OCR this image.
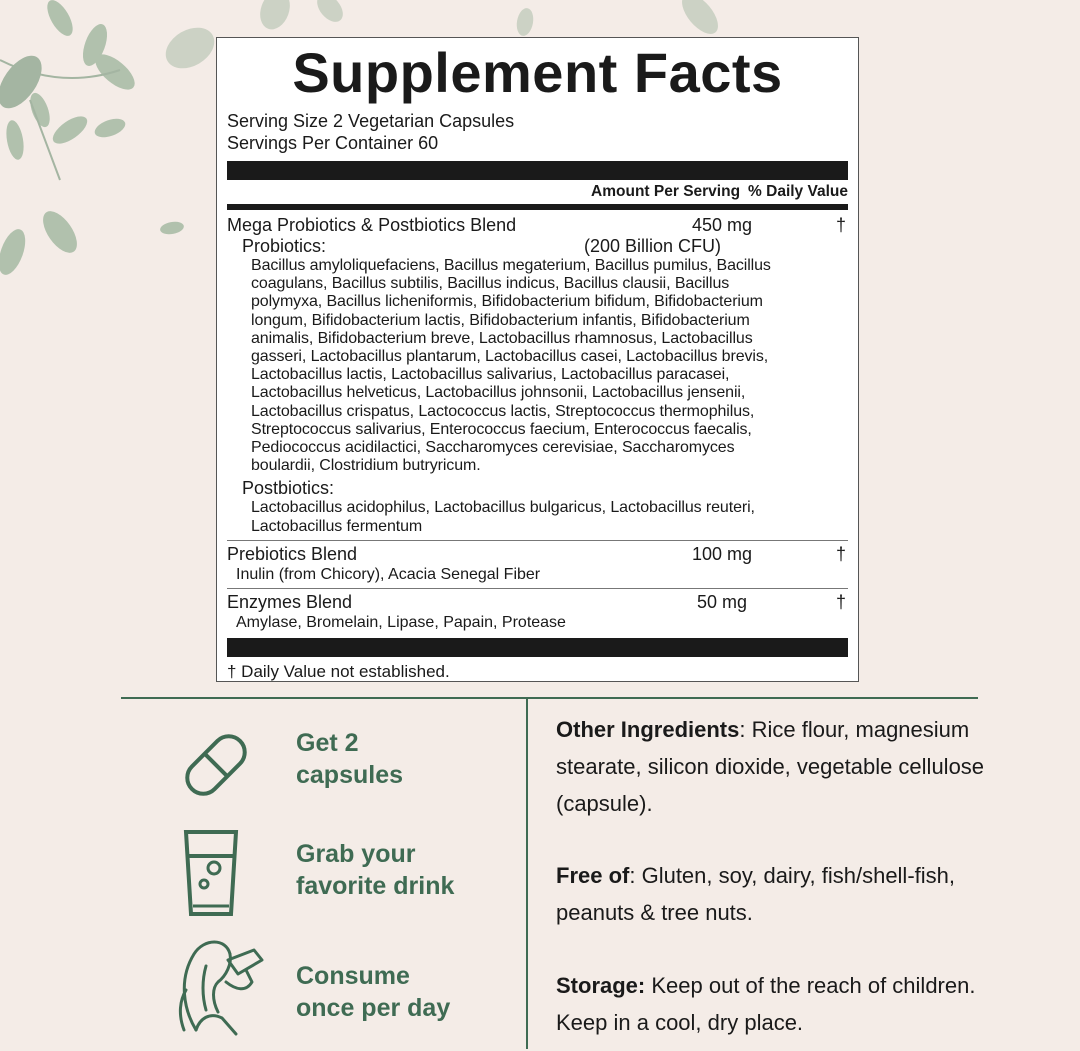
Supplement Facts
Serving Size 2 Vegetarian Capsules
Servings Per Container 60
Amount Per Serving % Daily Value
Mega Probiotics & Postbiotics Blend	450 mg	†
Probiotics:	(200 Billion CFU)
Bacillus amyloliquefaciens, Bacillus megaterium, Bacillus pumilus, Bacillus
coagulans, Bacillus subtilis, Bacillus indicus, Bacillus clausii, Bacillus
polymyxa, Bacillus licheniformis, Bifidobacterium bifidum, Bifidobacterium
longum, Bifidobacterium lactis, Bifidobacterium infantis, Bifidobacterium
animalis, Bifidobacterium breve, Lactobacillus rhamnosus, Lactobacillus
gasseri, Lactobacillus plantarum, Lactobacillus casei, Lactobacillus brevis,
Lactobacillus lactis, Lactobacillus salivarius, Lactobacillus paracasei,
Lactobacillus helveticus, Lactobacillus johnsonii, Lactobacillus jensenii,
Lactobacillus crispatus, Lactococcus lactis, Streptococcus thermophilus,
Streptococcus salivarius, Enterococcus faecium, Enterococcus faecalis,
Pediococcus acidilactici, Saccharomyces cerevisiae, Saccharomyces
boulardii, Clostridium butryricum.
Postbiotics:
Lactobacillus acidophilus, Lactobacillus bulgaricus, Lactobacillus reuteri,
Lactobacillus fermentum
Prebiotics Blend	100 mg	†
Inulin (from Chicory), Acacia Senegal Fiber
Enzymes Blend	50 mg	†
Amylase, Bromelain, Lipase, Papain, Protease
† Daily Value not established.
Get 2
capsules
Grab your
favorite drink
Consume
once per day
Other Ingredients: Rice flour, magnesium stearate, silicon dioxide, vegetable cellulose (capsule).
Free of: Gluten, soy, dairy, fish/shell-fish, peanuts & tree nuts.
Storage: Keep out of the reach of children. Keep in a cool, dry place.
